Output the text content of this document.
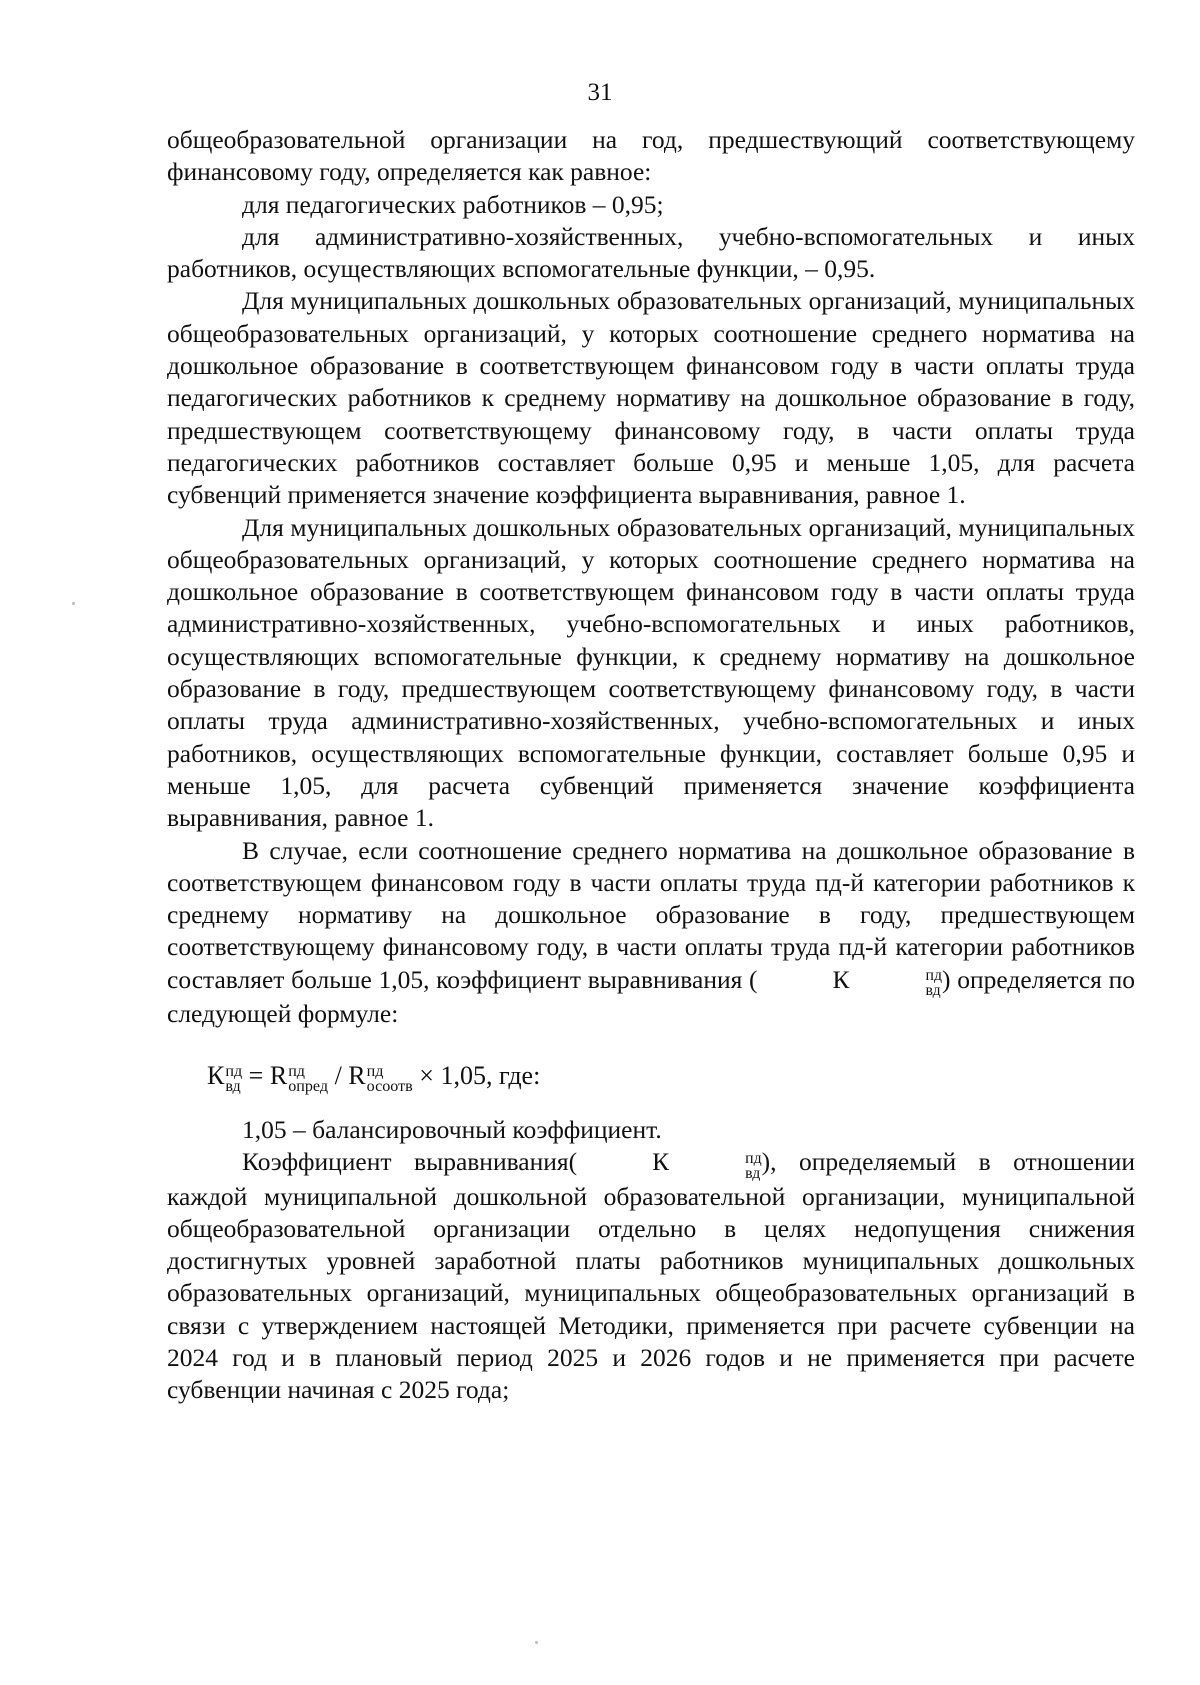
31

общеобразовательной организации на год, предшествующий соответствующему финансовому году, определяется как равное:

для педагогических работников – 0,95;

для административно-хозяйственных, учебно-вспомогательных и иных работников, осуществляющих вспомогательные функции, – 0,95.

Для муниципальных дошкольных образовательных организаций, муниципальных общеобразовательных организаций, у которых соотношение среднего норматива на дошкольное образование в соответствующем финансовом году в части оплаты труда педагогических работников к среднему нормативу на дошкольное образование в году, предшествующем соответствующему финансовому году, в части оплаты труда педагогических работников составляет больше 0,95 и меньше 1,05, для расчета субвенций применяется значение коэффициента выравнивания, равное 1.

Для муниципальных дошкольных образовательных организаций, муниципальных общеобразовательных организаций, у которых соотношение среднего норматива на дошкольное образование в соответствующем финансовом году в части оплаты труда административно-хозяйственных, учебно-вспомогательных и иных работников, осуществляющих вспомогательные функции, к среднему нормативу на дошкольное образование в году, предшествующем соответствующему финансовому году, в части оплаты труда административно-хозяйственных, учебно-вспомогательных и иных работников, осуществляющих вспомогательные функции, составляет больше 0,95 и меньше 1,05, для расчета субвенций применяется значение коэффициента выравнивания, равное 1.

В случае, если соотношение среднего норматива на дошкольное образование в соответствующем финансовом году в части оплаты труда пд-й категории работников к среднему нормативу на дошкольное образование в году, предшествующем соответствующему финансовому году, в части оплаты труда пд-й категории работников составляет больше 1,05, коэффициент выравнивания (	К	пд
вд ) определяется по следующей формуле:

К пд
вд = R пд
опред / R пд
осоотв × 1,05, где:

1,05 – балансировочный коэффициент.

Коэффициент выравнивания(	К	пд
вд ), определяемый в отношении каждой муниципальной дошкольной образовательной организации, муниципальной общеобразовательной организации отдельно в целях недопущения снижения достигнутых уровней заработной платы работников муниципальных дошкольных образовательных организаций, муниципальных общеобразовательных организаций в связи с утверждением настоящей Методики, применяется при расчете субвенции на 2024 год и в плановый период 2025 и 2026 годов и не применяется при расчете субвенции начиная с 2025 года;
